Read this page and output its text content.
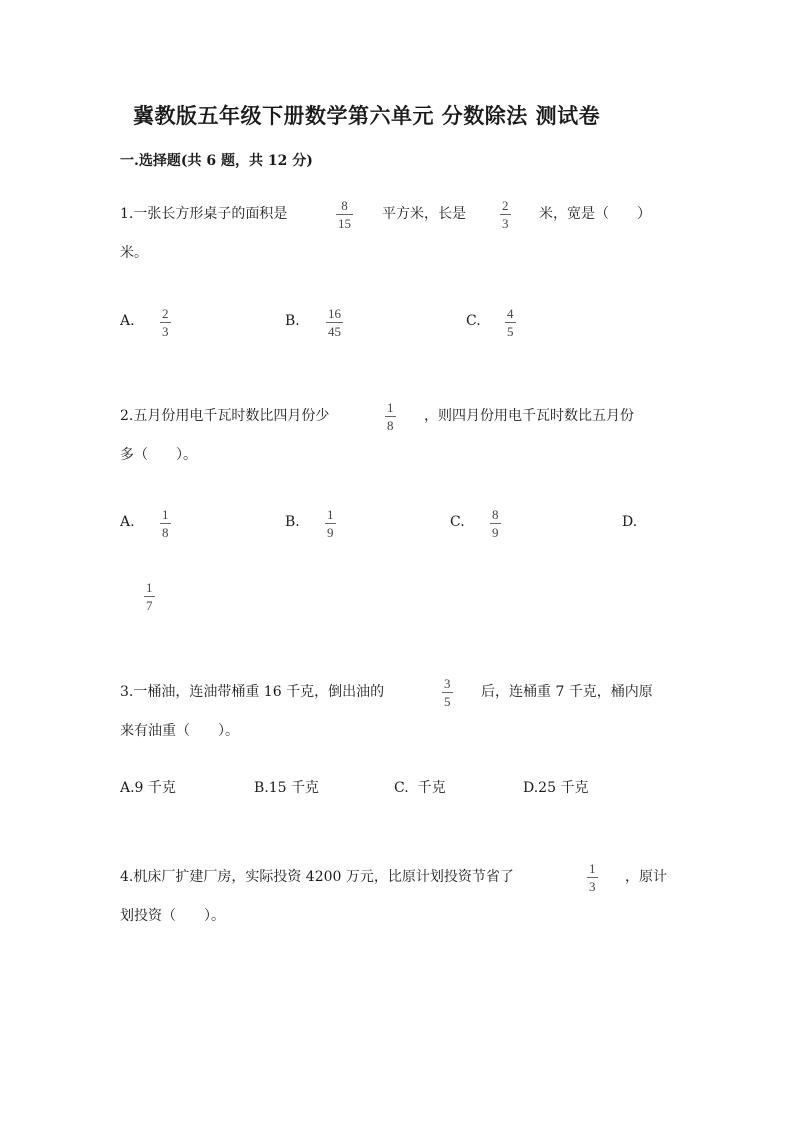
冀教版五年级下册数学第六单元 分数除法 测试卷
一.选择题(共 6 题，共 12 分)
1.一张长方形桌子的面积是	$\frac{8}{15}$ 平方米，长是	$\frac{2}{3}$ 米，宽是（　　）
米。
A. $\frac{2}{3}$	B. $\frac{16}{45}$	C. $\frac{4}{5}$
2.五月份用电千瓦时数比四月份少	$\frac{1}{8}$ ，则四月份用电千瓦时数比五月份
多（　　）。
A. $\frac{1}{8}$	B. $\frac{1}{9}$	C. $\frac{8}{9}$	D.
$\frac{1}{7}$
3.一桶油，连油带桶重 16 千克，倒出油的	$\frac{3}{5}$ 后，连桶重 7 千克，桶内原
来有油重（　　）。
A.9 千克	B.15 千克	C.  千克	D.25 千克
4.机床厂扩建厂房，实际投资 4200 万元，比原计划投资节省了	$\frac{1}{3}$ ，原计
划投资（　　）。
